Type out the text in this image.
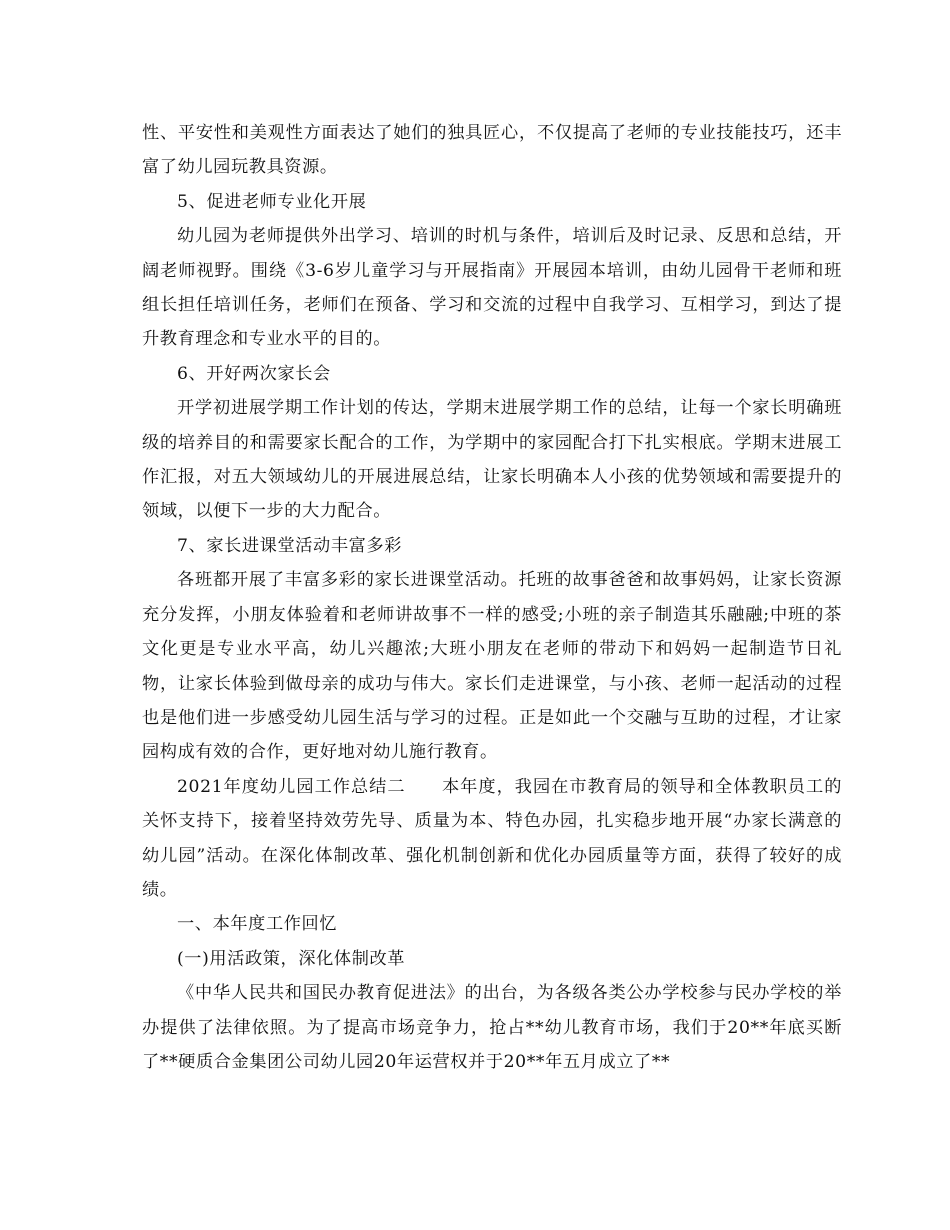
性、平安性和美观性方面表达了她们的独具匠心，不仅提高了老师的专业技能技巧，还丰富了幼儿园玩教具资源。

5、促进老师专业化开展

幼儿园为老师提供外出学习、培训的时机与条件，培训后及时记录、反思和总结，开阔老师视野。围绕《3-6岁儿童学习与开展指南》开展园本培训，由幼儿园骨干老师和班组长担任培训任务，老师们在预备、学习和交流的过程中自我学习、互相学习，到达了提升教育理念和专业水平的目的。

6、开好两次家长会

开学初进展学期工作计划的传达，学期末进展学期工作的总结，让每一个家长明确班级的培养目的和需要家长配合的工作，为学期中的家园配合打下扎实根底。学期末进展工作汇报，对五大领域幼儿的开展进展总结，让家长明确本人小孩的优势领域和需要提升的领域，以便下一步的大力配合。

7、家长进课堂活动丰富多彩

各班都开展了丰富多彩的家长进课堂活动。托班的故事爸爸和故事妈妈，让家长资源充分发挥，小朋友体验着和老师讲故事不一样的感受;小班的亲子制造其乐融融;中班的茶文化更是专业水平高，幼儿兴趣浓;大班小朋友在老师的带动下和妈妈一起制造节日礼物，让家长体验到做母亲的成功与伟大。家长们走进课堂，与小孩、老师一起活动的过程也是他们进一步感受幼儿园生活与学习的过程。正是如此一个交融与互助的过程，才让家园构成有效的合作，更好地对幼儿施行教育。

2021年度幼儿园工作总结二　　本年度，我园在市教育局的领导和全体教职员工的关怀支持下，接着坚持效劳先导、质量为本、特色办园，扎实稳步地开展“办家长满意的幼儿园”活动。在深化体制改革、强化机制创新和优化办园质量等方面，获得了较好的成绩。

一、本年度工作回忆

(一)用活政策，深化体制改革

《中华人民共和国民办教育促进法》的出台，为各级各类公办学校参与民办学校的举办提供了法律依照。为了提高市场竞争力，抢占**幼儿教育市场，我们于20**年底买断了**硬质合金集团公司幼儿园20年运营权并于20**年五月成立了**
